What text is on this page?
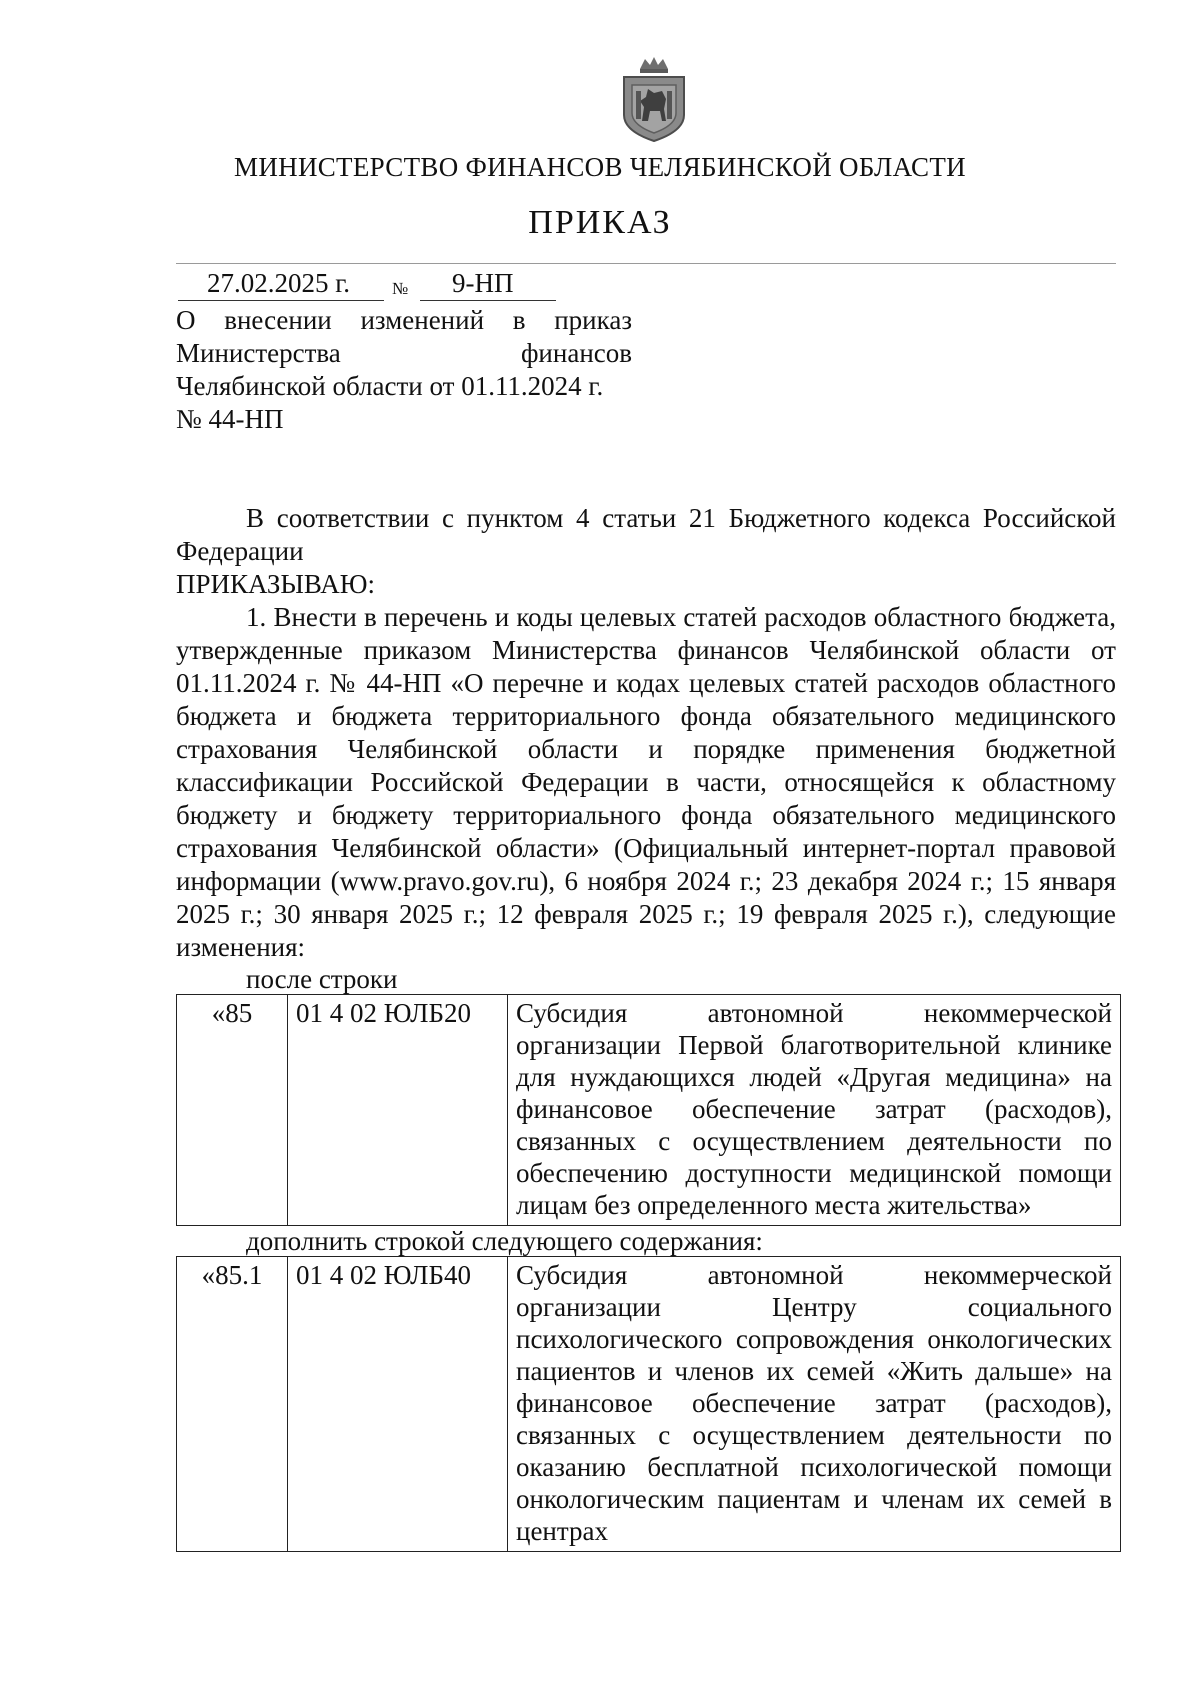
МИНИСТЕРСТВО ФИНАНСОВ ЧЕЛЯБИНСКОЙ ОБЛАСТИ
ПРИКАЗ
27.02.2025 г. № 9-НП
О внесении изменений в приказ
Министерства финансов
Челябинской области от 01.11.2024 г.
№ 44-НП

В соответствии с пунктом 4 статьи 21 Бюджетного кодекса Российской Федерации

ПРИКАЗЫВАЮ:

1. Внести в перечень и коды целевых статей расходов областного бюджета, утвержденные приказом Министерства финансов Челябинской области от 01.11.2024 г. № 44-НП «О перечне и кодах целевых статей расходов областного бюджета и бюджета территориального фонда обязательного медицинского страхования Челябинской области и порядке применения бюджетной классификации Российской Федерации в части, относящейся к областному бюджету и бюджету территориального фонда обязательного медицинского страхования Челябинской области» (Официальный интернет-портал правовой информации (www.pravo.gov.ru), 6 ноября 2024 г.; 23 декабря 2024 г.; 15 января 2025 г.; 30 января 2025 г.; 12 февраля 2025 г.; 19 февраля 2025 г.), следующие изменения:

после строки

«85	01 4 02 ЮЛБ20	Субсидия автономной некоммерческой организации Первой благотворительной клинике для нуждающихся людей «Другая медицина» на финансовое обеспечение затрат (расходов), связанных с осуществлением деятельности по обеспечению доступности медицинской помощи лицам без определенного места жительства»

дополнить строкой следующего содержания:

«85.1	01 4 02 ЮЛБ40	Субсидия автономной некоммерческой организации Центру социального психологического сопровождения онкологических пациентов и членов их семей «Жить дальше» на финансовое обеспечение затрат (расходов), связанных с осуществлением деятельности по оказанию бесплатной психологической помощи онкологическим пациентам и членам их семей в центрах
